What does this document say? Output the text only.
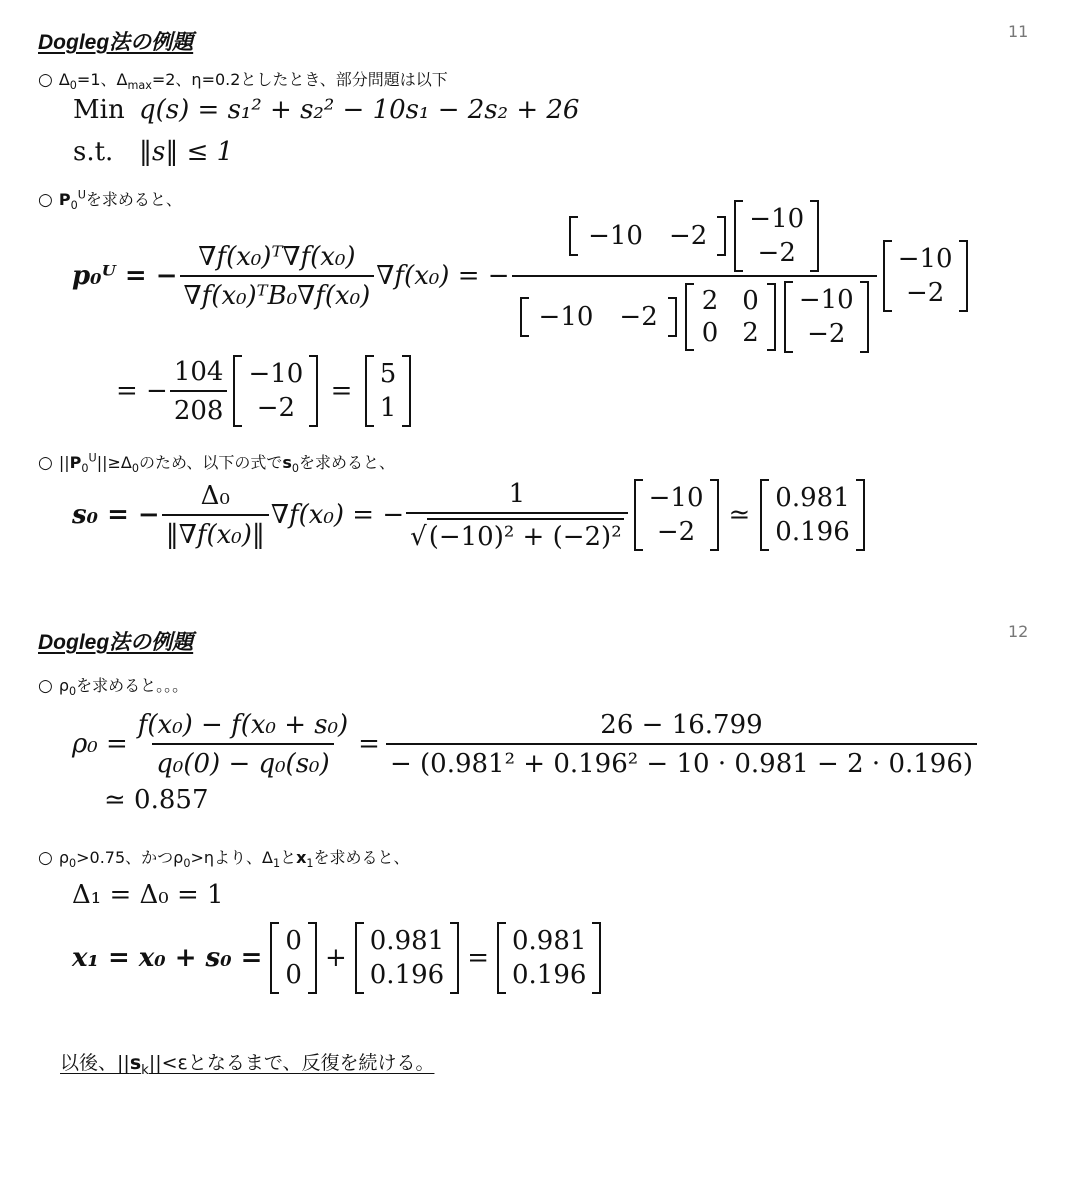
Dogleg法の例題	11
○ $\Delta_0=1$、$\Delta_{max}=2$、η=0.2としたとき、部分問題は以下
Min q(s) = s₁² + s₂² − 10s₁ − 2s₂ + 26
s.t. ‖s‖ ≤ 1
○ $P_0^U$を求めると、
p₀ᵁ = − $\frac{\text{∇f(x₀)ᵀ∇f(x₀)}}{\text{∇f(x₀)ᵀB₀∇f(x₀)}} \nabla f(x_0)$ = −
−10 −2
−10
−2
−10 −2
2 0
0 2
−10
−2
−10
−2
= − $\frac{104}{208} -10$
−2
=
5
1
○ $||P_0^U||\ge\Delta_0$のため、以下の式で$s_0$を求めると、
s₀ = − $\frac{\text{Δ₀}}{\text{‖∇f(x₀)‖}} \nabla f(x_0)$ = − $\frac{1}{\text{√ (−10)² + (−2)²}} -10$
−2
≃
0.981
0.196
Dogleg法の例題	12
○ $\rho_0$を求めると。。。
$\rho_0 = \frac{\text{f(x₀) − f(x₀ + s₀)}}{\text{q₀(0) − q₀(s₀)}} = \frac{26 - 16.799}{\text{− (0.981² + 0.196² − 10 · 0.981 − 2 · 0.196)}}$
≃ 0.857
○ $\rho_0>0.75$、かつ$\rho_0>\eta$より、$\Delta_1$と$x_1$を求めると、
Δ₁ = Δ₀ = 1
x₁ = x₀ + s₀ =
0
0
+
0.981
0.196
=
0.981
0.196
以後、$||s_k||<\varepsilon$となるまで、反復を続ける。
